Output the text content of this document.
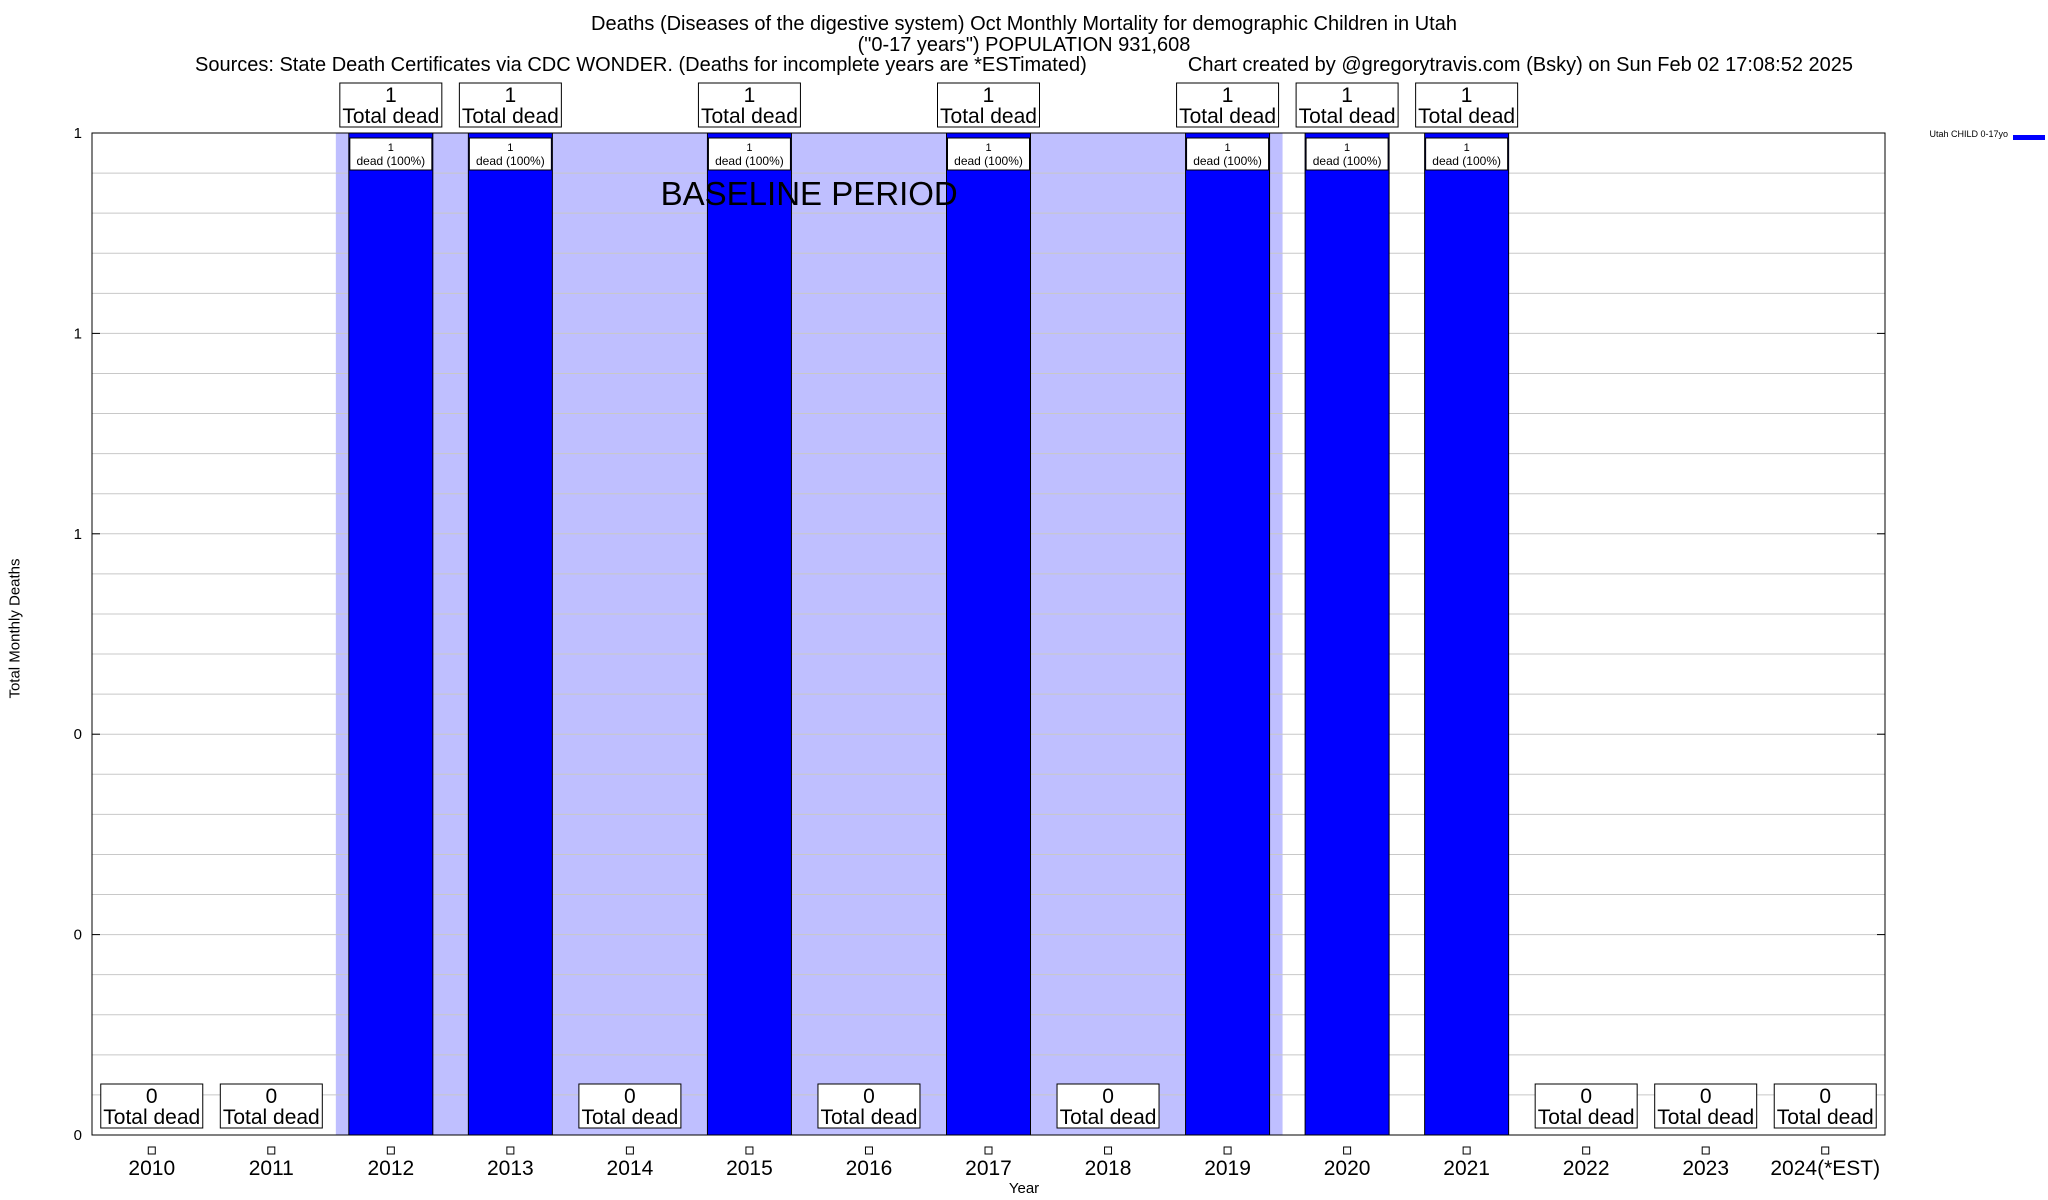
Deaths (Diseases of the digestive system) Oct Monthly Mortality for demographic Children in Utah
("0-17 years") POPULATION 931,608
Sources: State Death Certificates via CDC WONDER. (Deaths for incomplete years are *ESTimated)	Chart created by @gregorytravis.com (Bsky) on Sun Feb 02 17:08:52 2025
0
0
0
1
1
1
BASELINE PERIOD
1
dead (100%)
1
dead (100%)
1
dead (100%)
1
dead (100%)
1
dead (100%)
1
dead (100%)
1
dead (100%)
0
Total dead
0
Total dead
1
Total dead
1
Total dead
0
Total dead
1
Total dead
0
Total dead
1
Total dead
0
Total dead
1
Total dead
1
Total dead
1
Total dead
0
Total dead
0
Total dead
0
Total dead
2010	2011	2012	2013	2014	2015	2016	2017	2018	2019	2020	2021	2022	2023 2024(*EST)
Total Monthly Deaths
Year
Utah CHILD 0-17yo
